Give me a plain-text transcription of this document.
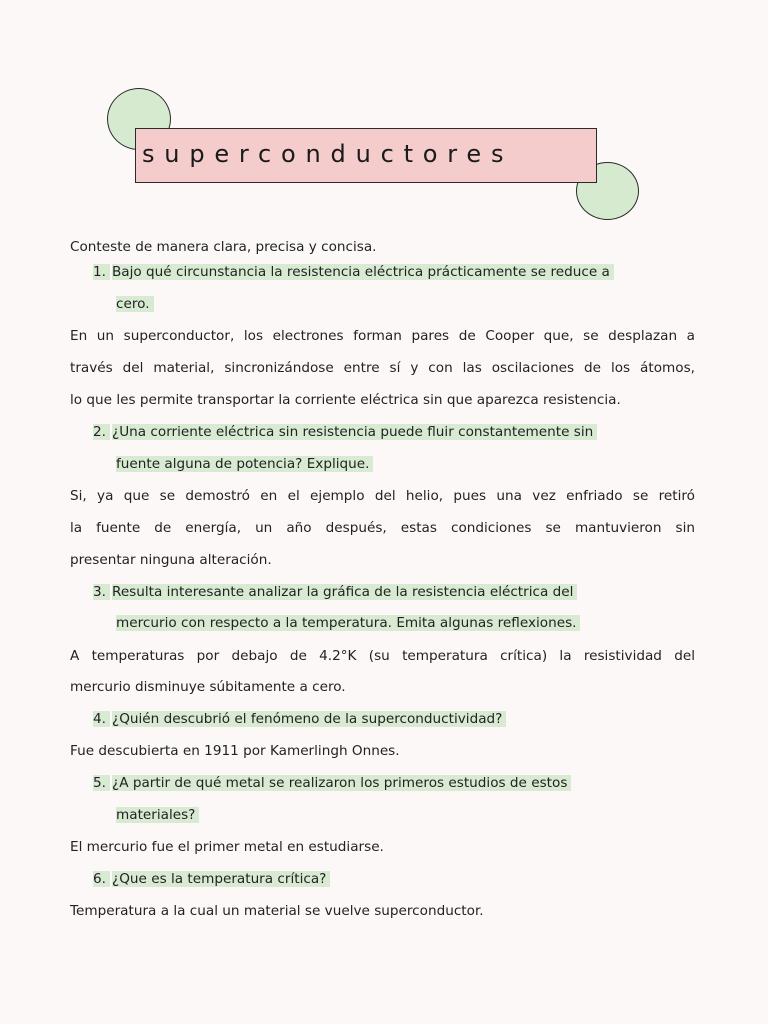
superconductores
Conteste de manera clara, precisa y concisa.
1. Bajo qué circunstancia la resistencia eléctrica prácticamente se reduce a
cero.
En un superconductor, los electrones forman pares de Cooper que, se desplazan a
través del material, sincronizándose entre sí y con las oscilaciones de los átomos,
lo que les permite transportar la corriente eléctrica sin que aparezca resistencia.
2. ¿Una corriente eléctrica sin resistencia puede fluir constantemente sin
fuente alguna de potencia? Explique.
Si, ya que se demostró en el ejemplo del helio, pues una vez enfriado se retiró
la fuente de energía, un año después, estas condiciones se mantuvieron sin
presentar ninguna alteración.
3. Resulta interesante analizar la gráfica de la resistencia eléctrica del
mercurio con respecto a la temperatura. Emita algunas reflexiones.
A temperaturas por debajo de 4.2°K (su temperatura crítica) la resistividad del
mercurio disminuye súbitamente a cero.
4. ¿Quién descubrió el fenómeno de la superconductividad?
Fue descubierta en 1911 por Kamerlingh Onnes.
5. ¿A partir de qué metal se realizaron los primeros estudios de estos
materiales?
El mercurio fue el primer metal en estudiarse.
6. ¿Que es la temperatura crítica?
Temperatura a la cual un material se vuelve superconductor.
